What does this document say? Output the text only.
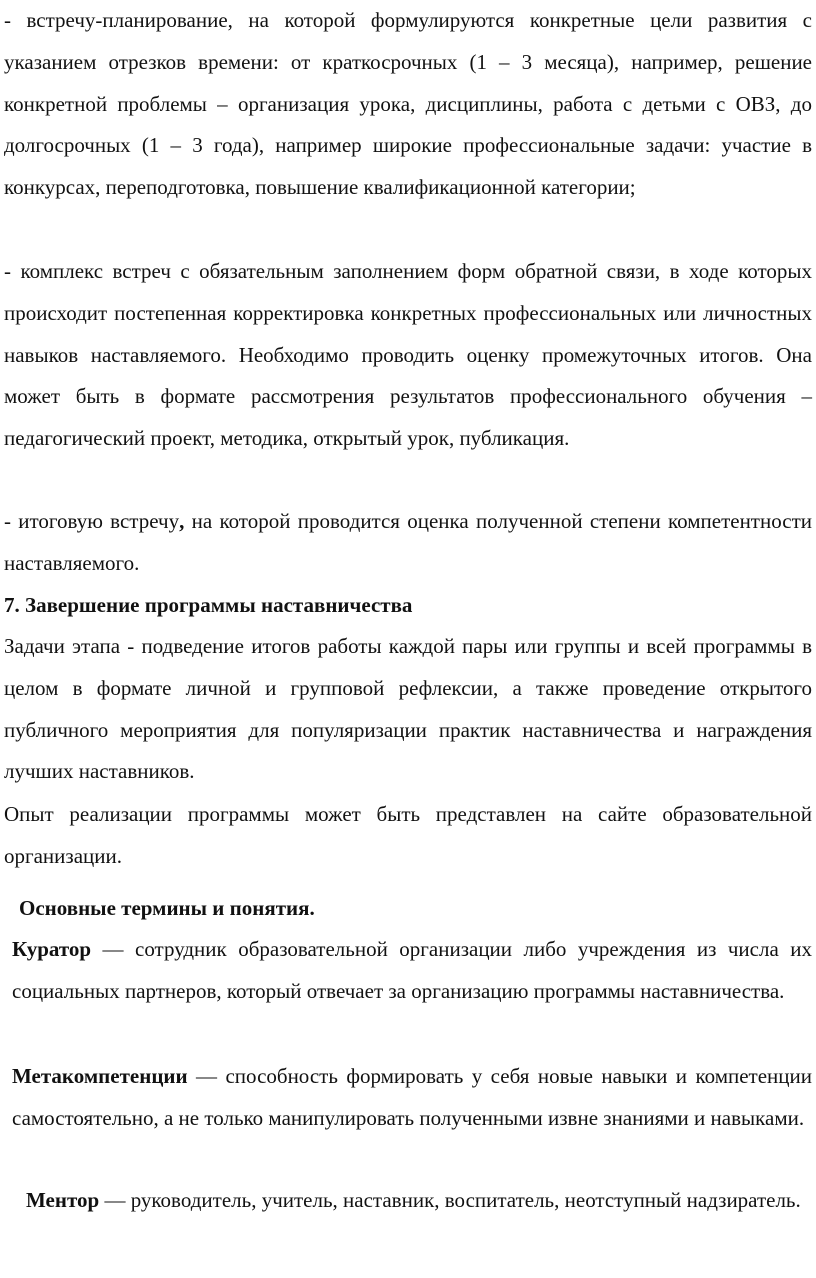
- встречу-планирование, на которой формулируются конкретные цели развития с указанием отрезков времени: от краткосрочных (1 – 3 месяца), например, решение конкретной проблемы – организация урока, дисциплины, работа с детьми с ОВЗ, до долгосрочных (1 – 3 года), например широкие профессиональные задачи: участие в конкурсах, переподготовка, повышение квалификационной категории;

- комплекс встреч с обязательным заполнением форм обратной связи, в ходе которых происходит постепенная корректировка конкретных профессиональных или личностных навыков наставляемого. Необходимо проводить оценку промежуточных итогов. Она может быть в формате рассмотрения результатов профессионального обучения – педагогический проект, методика, открытый урок, публикация.

- итоговую встречу, на которой проводится оценка полученной степени компетентности наставляемого.

7. Завершение программы наставничества

Задачи этапа - подведение итогов работы каждой пары или группы и всей программы в целом в формате личной и групповой рефлексии, а также проведение открытого публичного мероприятия для популяризации практик наставничества и награждения лучших наставников.

Опыт реализации программы может быть представлен на сайте образовательной организации.

Основные термины и понятия.

Куратор — сотрудник образовательной организации либо учреждения из числа их социальных партнеров, который отвечает за организацию программы наставничества.

Метакомпетенции — способность формировать у себя новые навыки и компетенции самостоятельно, а не только манипулировать полученными извне знаниями и навыками.

Ментор — руководитель, учитель, наставник, воспитатель, неотступный надзиратель.
